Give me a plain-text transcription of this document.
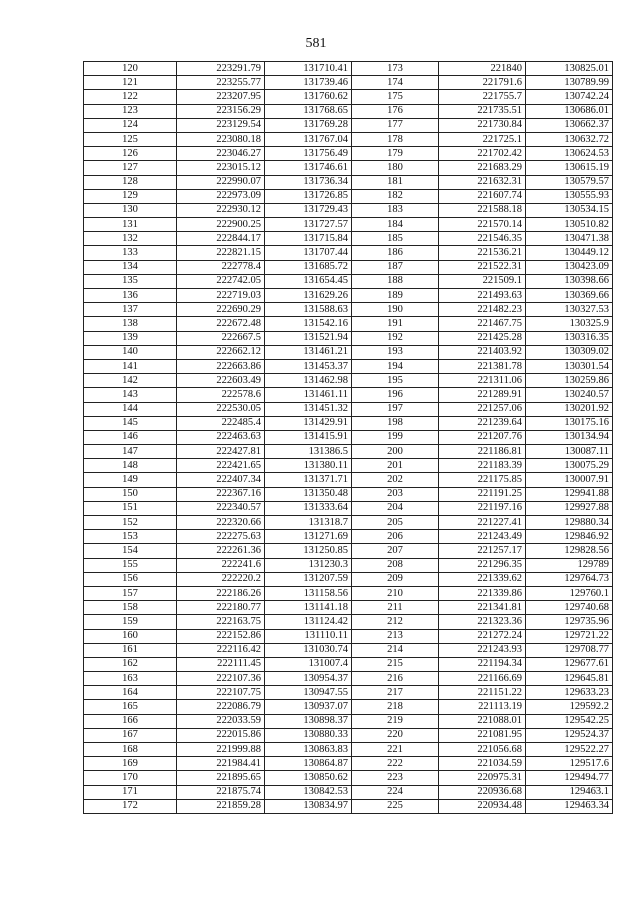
581
120	223291.79	131710.41	173	221840	130825.01
121	223255.77	131739.46	174	221791.6	130789.99
122	223207.95	131760.62	175	221755.7	130742.24
123	223156.29	131768.65	176	221735.51	130686.01
124	223129.54	131769.28	177	221730.84	130662.37
125	223080.18	131767.04	178	221725.1	130632.72
126	223046.27	131756.49	179	221702.42	130624.53
127	223015.12	131746.61	180	221683.29	130615.19
128	222990.07	131736.34	181	221632.31	130579.57
129	222973.09	131726.85	182	221607.74	130555.93
130	222930.12	131729.43	183	221588.18	130534.15
131	222900.25	131727.57	184	221570.14	130510.82
132	222844.17	131715.84	185	221546.35	130471.38
133	222821.15	131707.44	186	221536.21	130449.12
134	222778.4	131685.72	187	221522.31	130423.09
135	222742.05	131654.45	188	221509.1	130398.66
136	222719.03	131629.26	189	221493.63	130369.66
137	222690.29	131588.63	190	221482.23	130327.53
138	222672.48	131542.16	191	221467.75	130325.9
139	222667.5	131521.94	192	221425.28	130316.35
140	222662.12	131461.21	193	221403.92	130309.02
141	222663.86	131453.37	194	221381.78	130301.54
142	222603.49	131462.98	195	221311.06	130259.86
143	222578.6	131461.11	196	221289.91	130240.57
144	222530.05	131451.32	197	221257.06	130201.92
145	222485.4	131429.91	198	221239.64	130175.16
146	222463.63	131415.91	199	221207.76	130134.94
147	222427.81	131386.5	200	221186.81	130087.11
148	222421.65	131380.11	201	221183.39	130075.29
149	222407.34	131371.71	202	221175.85	130007.91
150	222367.16	131350.48	203	221191.25	129941.88
151	222340.57	131333.64	204	221197.16	129927.88
152	222320.66	131318.7	205	221227.41	129880.34
153	222275.63	131271.69	206	221243.49	129846.92
154	222261.36	131250.85	207	221257.17	129828.56
155	222241.6	131230.3	208	221296.35	129789
156	222220.2	131207.59	209	221339.62	129764.73
157	222186.26	131158.56	210	221339.86	129760.1
158	222180.77	131141.18	211	221341.81	129740.68
159	222163.75	131124.42	212	221323.36	129735.96
160	222152.86	131110.11	213	221272.24	129721.22
161	222116.42	131030.74	214	221243.93	129708.77
162	222111.45	131007.4	215	221194.34	129677.61
163	222107.36	130954.37	216	221166.69	129645.81
164	222107.75	130947.55	217	221151.22	129633.23
165	222086.79	130937.07	218	221113.19	129592.2
166	222033.59	130898.37	219	221088.01	129542.25
167	222015.86	130880.33	220	221081.95	129524.37
168	221999.88	130863.83	221	221056.68	129522.27
169	221984.41	130864.87	222	221034.59	129517.6
170	221895.65	130850.62	223	220975.31	129494.77
171	221875.74	130842.53	224	220936.68	129463.1
172	221859.28	130834.97	225	220934.48	129463.34
